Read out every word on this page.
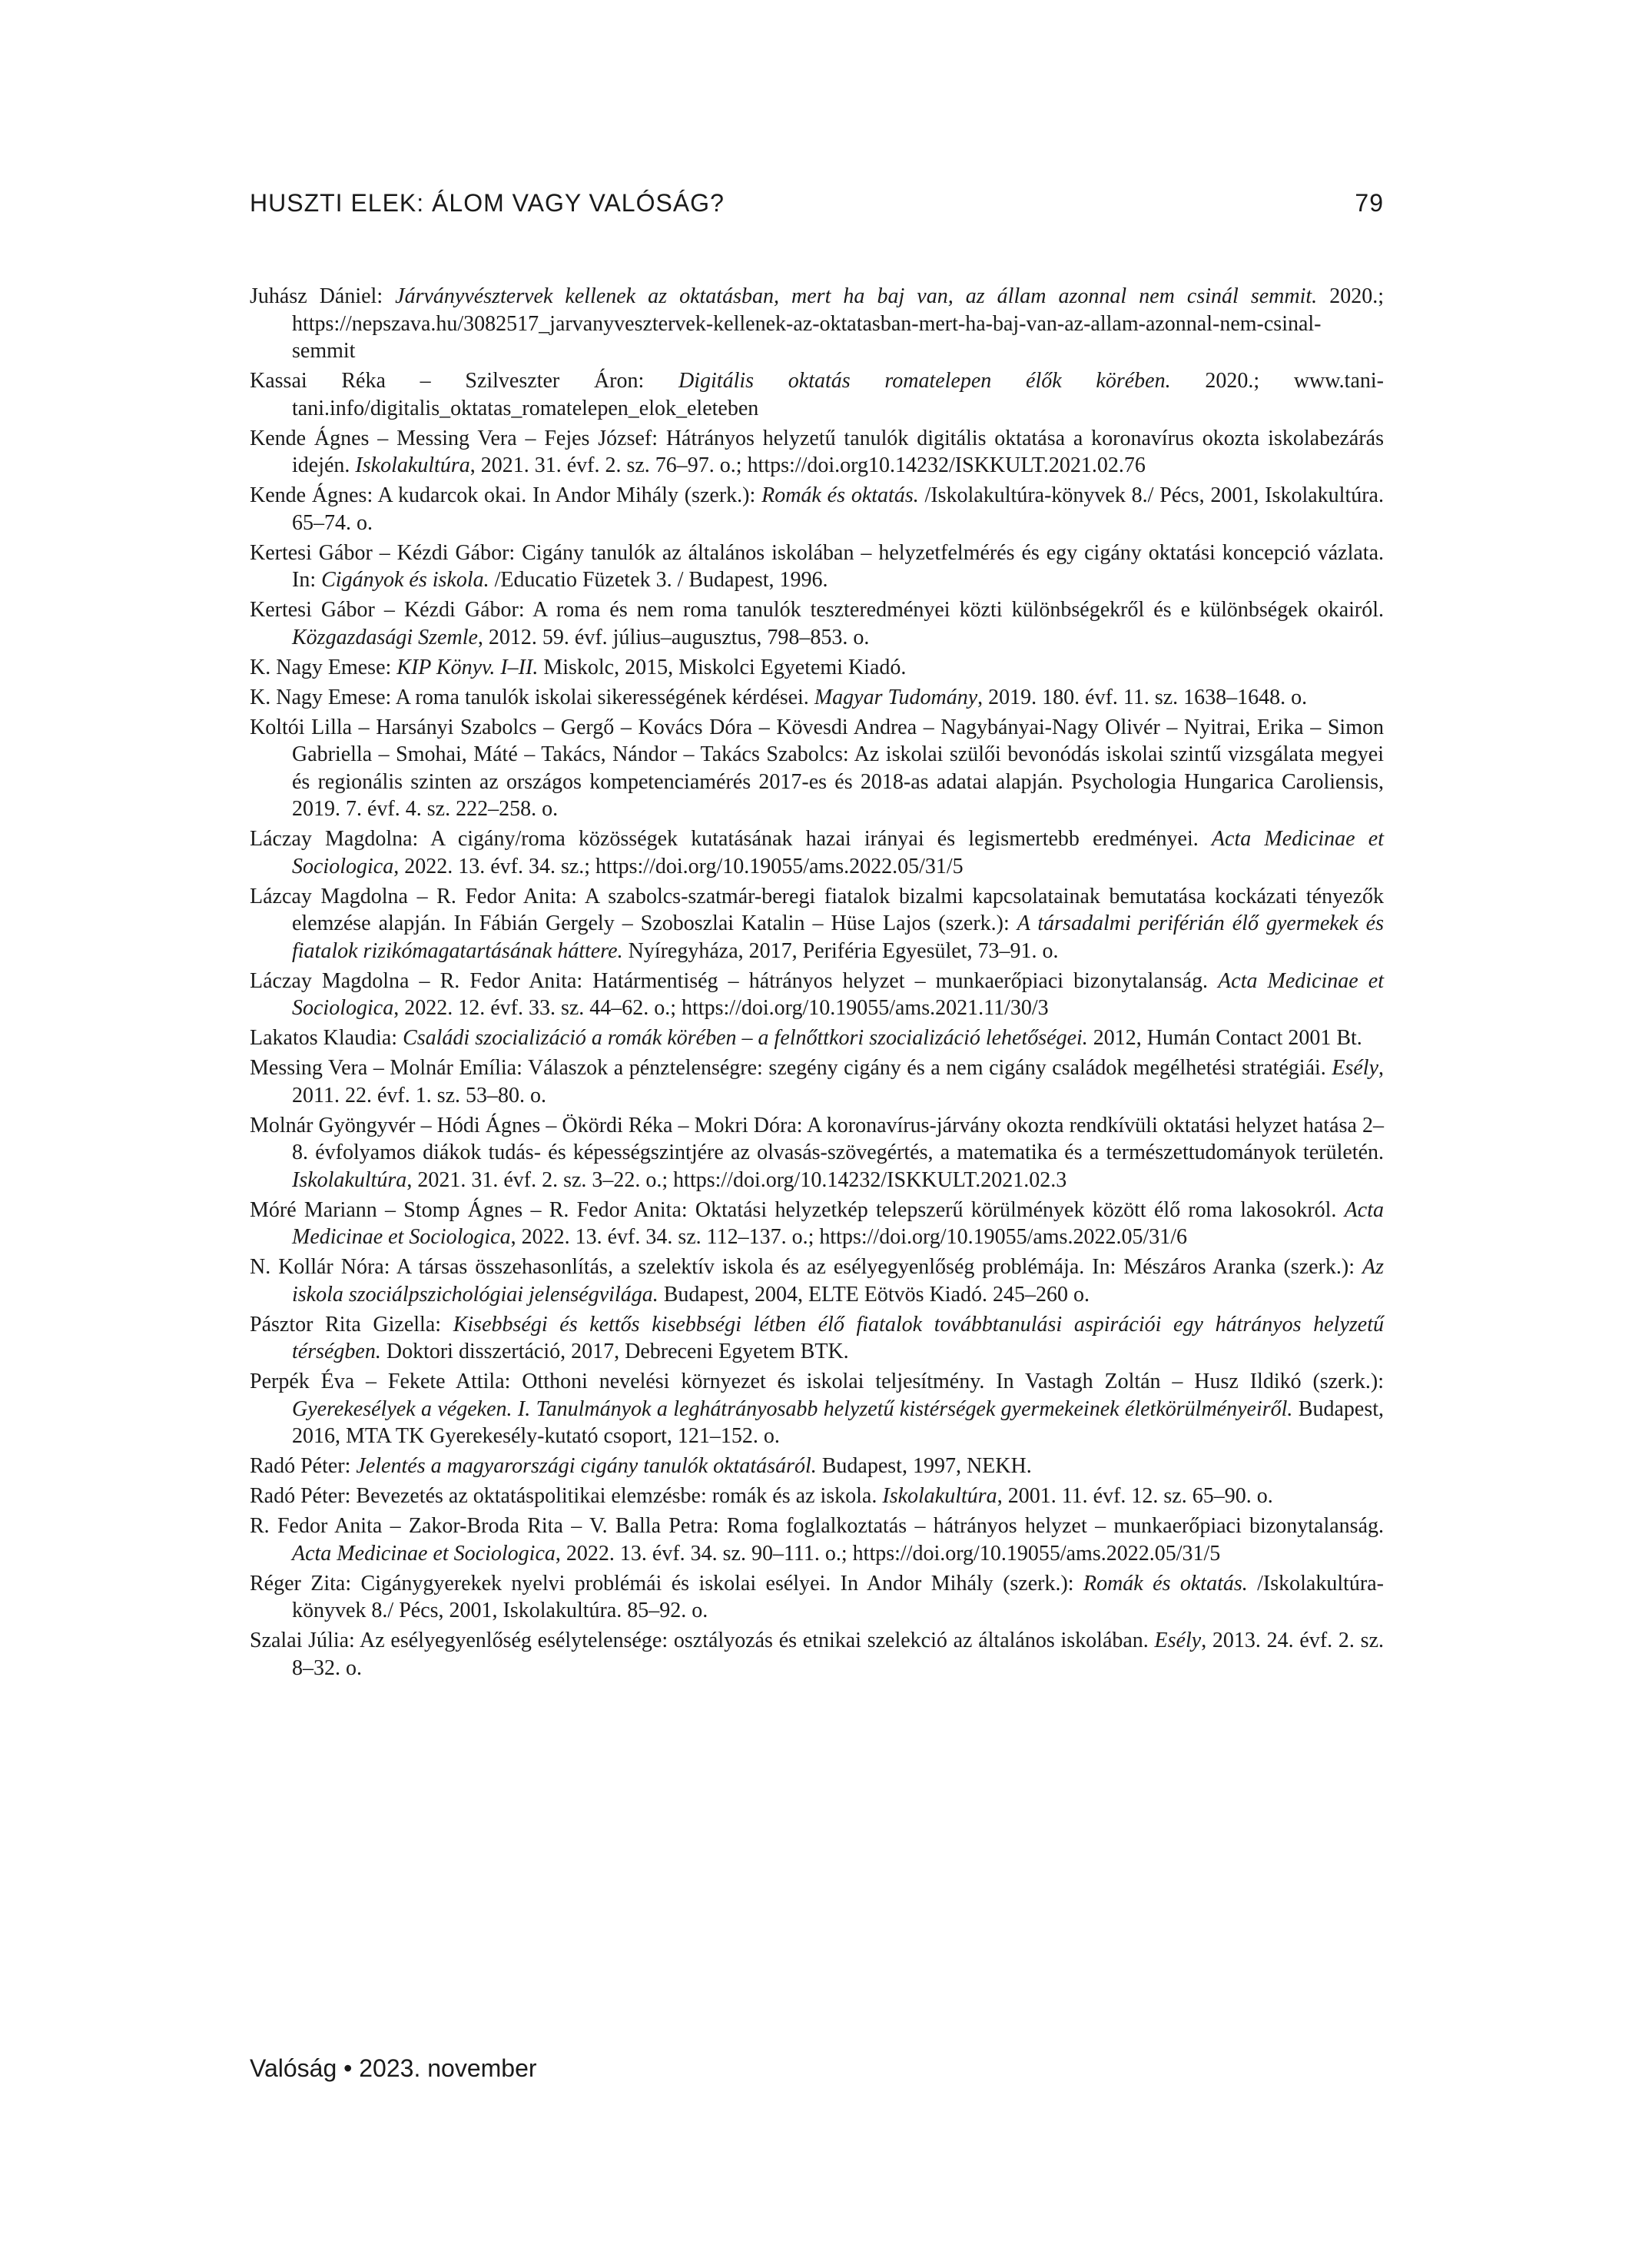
HUSZTI ELEK: ÁLOM VAGY VALÓSÁG?	79

Juhász Dániel: Járványvésztervek kellenek az oktatásban, mert ha baj van, az állam azonnal nem csinál semmit. 2020.; https://nepszava.hu/3082517_jarvanyvesztervek-kellenek-az-oktatasban-mert-ha-baj-van-az-allam-azonnal-nem-csinal-semmit

Kassai Réka – Szilveszter Áron: Digitális oktatás romatelepen élők körében. 2020.; www.tani-tani.info/digitalis_oktatas_romatelepen_elok_eleteben

Kende Ágnes – Messing Vera – Fejes József: Hátrányos helyzetű tanulók digitális oktatása a koronavírus okozta iskolabezárás idején. Iskolakultúra, 2021. 31. évf. 2. sz. 76–97. o.; https://doi.org10.14232/ISKKULT.2021.02.76

Kende Ágnes: A kudarcok okai. In Andor Mihály (szerk.): Romák és oktatás. /Iskolakultúra-könyvek 8./ Pécs, 2001, Iskolakultúra. 65–74. o.

Kertesi Gábor – Kézdi Gábor: Cigány tanulók az általános iskolában – helyzetfelmérés és egy cigány oktatási koncepció vázlata. In: Cigányok és iskola. /Educatio Füzetek 3. / Budapest, 1996.

Kertesi Gábor – Kézdi Gábor: A roma és nem roma tanulók teszteredményei közti különbségekről és e különbségek okairól. Közgazdasági Szemle, 2012. 59. évf. július–augusztus, 798–853. o.

K. Nagy Emese: KIP Könyv. I–II. Miskolc, 2015, Miskolci Egyetemi Kiadó.

K. Nagy Emese: A roma tanulók iskolai sikerességének kérdései. Magyar Tudomány, 2019. 180. évf. 11. sz. 1638–1648. o.

Koltói Lilla – Harsányi Szabolcs – Gergő – Kovács Dóra – Kövesdi Andrea – Nagybányai-Nagy Olivér – Nyitrai, Erika – Simon Gabriella – Smohai, Máté – Takács, Nándor – Takács Szabolcs: Az iskolai szülői bevonódás iskolai szintű vizsgálata megyei és regionális szinten az országos kompetenciamérés 2017-es és 2018-as adatai alapján. Psychologia Hungarica Caroliensis, 2019. 7. évf. 4. sz. 222–258. o.

Láczay Magdolna: A cigány/roma közösségek kutatásának hazai irányai és legismertebb eredményei. Acta Medicinae et Sociologica, 2022. 13. évf. 34. sz.; https://doi.org/10.19055/ams.2022.05/31/5

Lázcay Magdolna – R. Fedor Anita: A szabolcs-szatmár-beregi fiatalok bizalmi kapcsolatainak bemutatása kockázati tényezők elemzése alapján. In Fábián Gergely – Szoboszlai Katalin – Hüse Lajos (szerk.): A társadalmi periférián élő gyermekek és fiatalok rizikómagatartásának háttere. Nyíregyháza, 2017, Periféria Egyesület, 73–91. o.

Láczay Magdolna – R. Fedor Anita: Határmentiség – hátrányos helyzet – munkaerőpiaci bizonytalanság. Acta Medicinae et Sociologica, 2022. 12. évf. 33. sz. 44–62. o.; https://doi.org/10.19055/ams.2021.11/30/3

Lakatos Klaudia: Családi szocializáció a romák körében – a felnőttkori szocializáció lehetőségei. 2012, Humán Contact 2001 Bt.

Messing Vera – Molnár Emília: Válaszok a pénztelenségre: szegény cigány és a nem cigány családok megélhetési stratégiái. Esély, 2011. 22. évf. 1. sz. 53–80. o.

Molnár Gyöngyvér – Hódi Ágnes – Ökördi Réka – Mokri Dóra: A koronavírus-járvány okozta rendkívüli oktatási helyzet hatása 2–8. évfolyamos diákok tudás- és képességszintjére az olvasás-szövegértés, a matematika és a természettudományok területén. Iskolakultúra, 2021. 31. évf. 2. sz. 3–22. o.; https://doi.org/10.14232/ISKKULT.2021.02.3

Móré Mariann – Stomp Ágnes – R. Fedor Anita: Oktatási helyzetkép telepszerű körülmények között élő roma lakosokról. Acta Medicinae et Sociologica, 2022. 13. évf. 34. sz. 112–137. o.; https://doi.org/10.19055/ams.2022.05/31/6

N. Kollár Nóra: A társas összehasonlítás, a szelektív iskola és az esélyegyenlőség problémája. In: Mészáros Aranka (szerk.): Az iskola szociálpszichológiai jelenségvilága. Budapest, 2004, ELTE Eötvös Kiadó. 245–260 o.

Pásztor Rita Gizella: Kisebbségi és kettős kisebbségi létben élő fiatalok továbbtanulási aspirációi egy hátrányos helyzetű térségben. Doktori disszertáció, 2017, Debreceni Egyetem BTK.

Perpék Éva – Fekete Attila: Otthoni nevelési környezet és iskolai teljesítmény. In Vastagh Zoltán – Husz Ildikó (szerk.): Gyerekesélyek a végeken. I. Tanulmányok a leghátrányosabb helyzetű kistérségek gyermekeinek életkörülményeiről. Budapest, 2016, MTA TK Gyerekesély-kutató csoport, 121–152. o.

Radó Péter: Jelentés a magyarországi cigány tanulók oktatásáról. Budapest, 1997, NEKH.

Radó Péter: Bevezetés az oktatáspolitikai elemzésbe: romák és az iskola. Iskolakultúra, 2001. 11. évf. 12. sz. 65–90. o.

R. Fedor Anita – Zakor-Broda Rita – V. Balla Petra: Roma foglalkoztatás – hátrányos helyzet – munkaerőpiaci bizonytalanság. Acta Medicinae et Sociologica, 2022. 13. évf. 34. sz. 90–111. o.; https://doi.org/10.19055/ams.2022.05/31/5

Réger Zita: Cigánygyerekek nyelvi problémái és iskolai esélyei. In Andor Mihály (szerk.): Romák és oktatás. /Iskolakultúra-könyvek 8./ Pécs, 2001, Iskolakultúra. 85–92. o.

Szalai Júlia: Az esélyegyenlőség esélytelensége: osztályozás és etnikai szelekció az általános iskolában. Esély, 2013. 24. évf. 2. sz. 8–32. o.

Valóság • 2023. november
